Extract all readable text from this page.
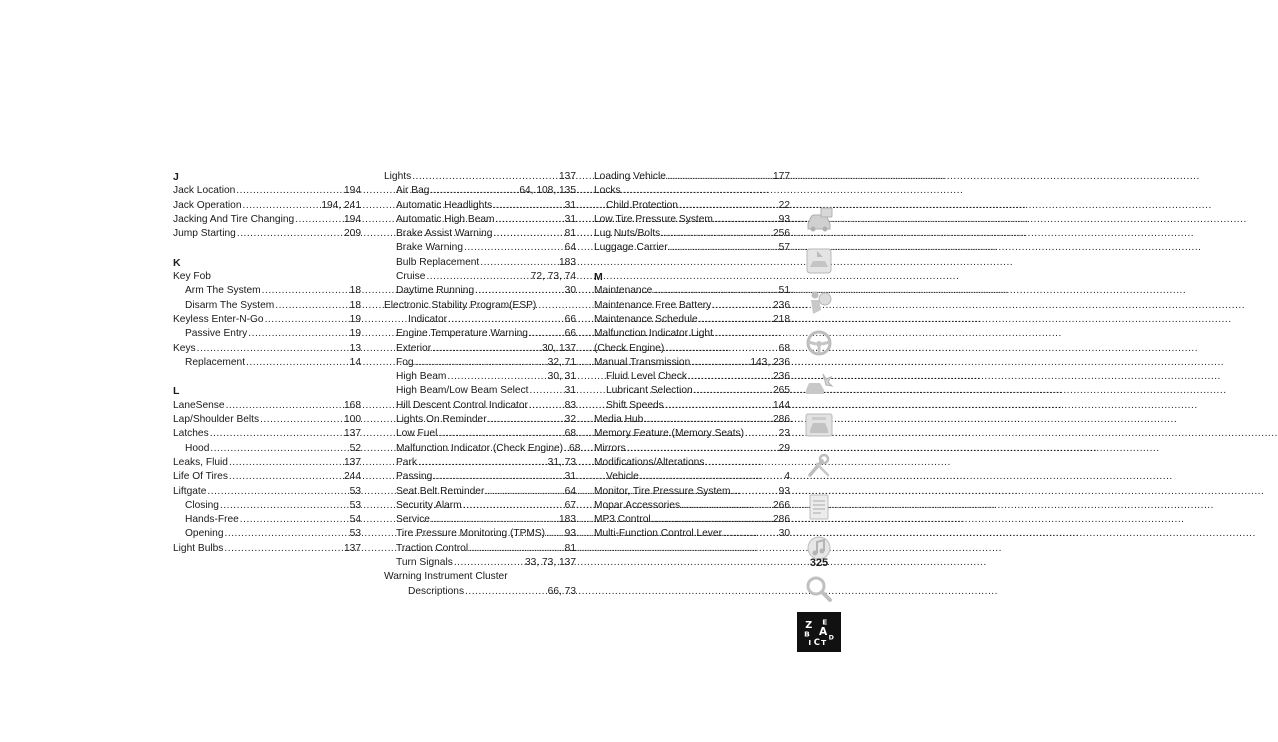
J
Jack Location .....	194
Jack Operation .....	194, 241
Jacking And Tire Changing .....	194
Jump Starting .....	209
K
Key Fob
Arm The System .....	18
Disarm The System .....	18
Keyless Enter-N-Go .....	19
Passive Entry .....	19
Keys .....	13
Replacement .....	14
L
LaneSense .....	168
Lap/Shoulder Belts .....	100
Latches .....	137
Hood .....	52
Leaks, Fluid .....	137
Life Of Tires .....	244
Liftgate .....	53
Closing .....	53
Hands-Free .....	54
Opening .....	53
Light Bulbs .....	137
Lights .....	137
Air Bag .....	64, 108, 135
Automatic Headlights .....	31
Automatic High Beam .....	31
Brake Assist Warning .....	81
Brake Warning .....	64
Bulb Replacement .....	183
Cruise .....	72, 73, 74
Daytime Running .....	30
Electronic Stability Program(ESP)
Indicator .....	66
Engine Temperature Warning .....	66
Exterior .....	30, 137
Fog .....	32, 71
High Beam .....	30, 31
High Beam/Low Beam Select .....	31
Hill Descent Control Indicator .....	83
Lights On Reminder .....	32
Low Fuel .....	68
Malfunction Indicator (Check Engine) ..... 68
Park .....	31, 73
Passing .....	31
Seat Belt Reminder .....	64
Security Alarm .....	67
Service .....	183
Tire Pressure Monitoring (TPMS) ..... 93
Traction Control .....	81
Turn Signals .....	33, 73, 137
Warning Instrument Cluster
Descriptions .....	66, 73
Loading Vehicle .....	177
Locks
Child Protection .....	22
Low Tire Pressure System .....	93
Lug Nuts/Bolts .....	256
Luggage Carrier .....	57
M
Maintenance .....	51
Maintenance Free Battery .....	236
Maintenance Schedule .....	218
Malfunction Indicator Light
(Check Engine) .....	68
Manual Transmission .....	143, 236
Fluid Level Check .....	236
Lubricant Selection .....	265
Shift Speeds .....	144
Media Hub .....	286
Memory Feature (Memory Seats) .....	23
Mirrors .....	29
Modifications/Alterations
Vehicle .....	4
Monitor, Tire Pressure System .....	93
Mopar Accessories .....	266
MP3 Control .....	286
Multi-Function Control Lever .....	30
Z
B
E
A
I C T
D
325
